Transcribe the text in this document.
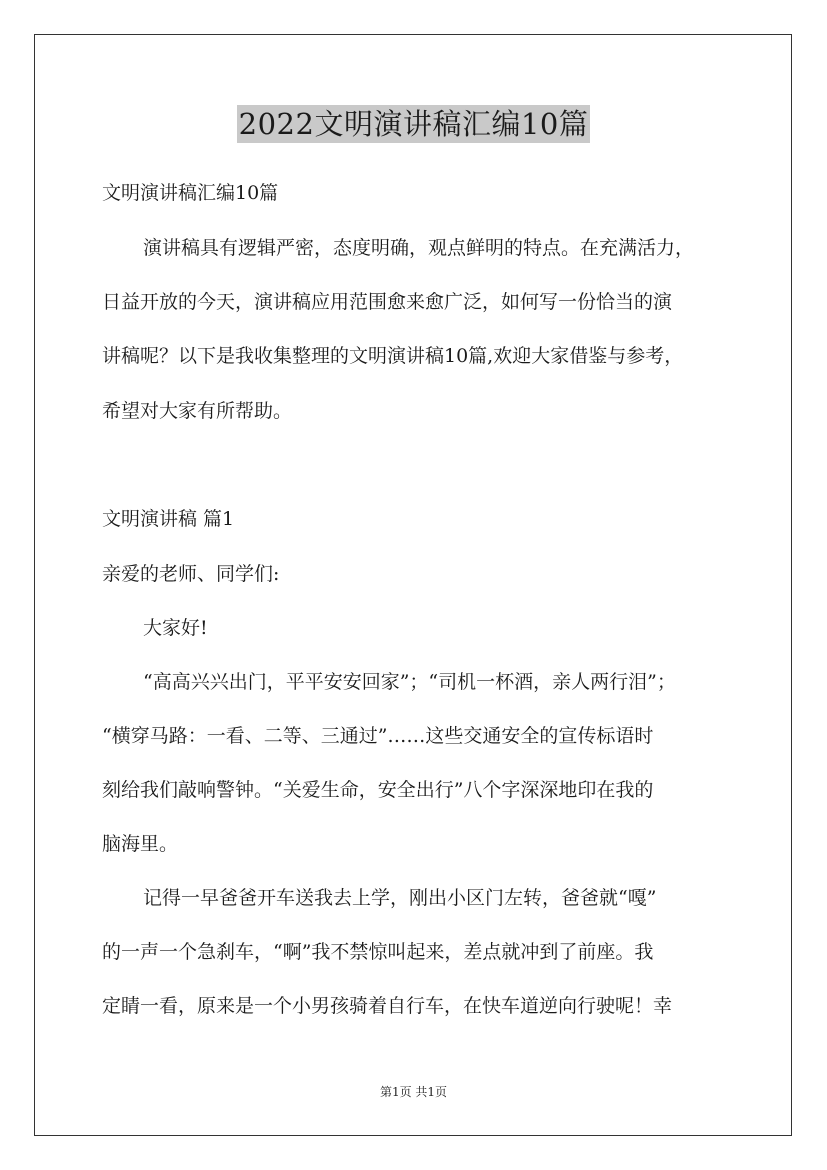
2022文明演讲稿汇编10篇

文明演讲稿汇编10篇

演讲稿具有逻辑严密，态度明确，观点鲜明的特点。在充满活力，

日益开放的今天，演讲稿应用范围愈来愈广泛，如何写一份恰当的演

讲稿呢？以下是我收集整理的文明演讲稿10篇,欢迎大家借鉴与参考，

希望对大家有所帮助。

文明演讲稿 篇1

亲爱的老师、同学们:

大家好!

“高高兴兴出门，平平安安回家”；“司机一杯酒，亲人两行泪”；

“横穿马路：一看、二等、三通过”……这些交通安全的宣传标语时

刻给我们敲响警钟。“关爱生命，安全出行”八个字深深地印在我的

脑海里。

记得一早爸爸开车送我去上学，刚出小区门左转，爸爸就“嘎”

的一声一个急刹车，“啊”我不禁惊叫起来，差点就冲到了前座。我

定睛一看，原来是一个小男孩骑着自行车，在快车道逆向行驶呢！幸

第1页 共1页
